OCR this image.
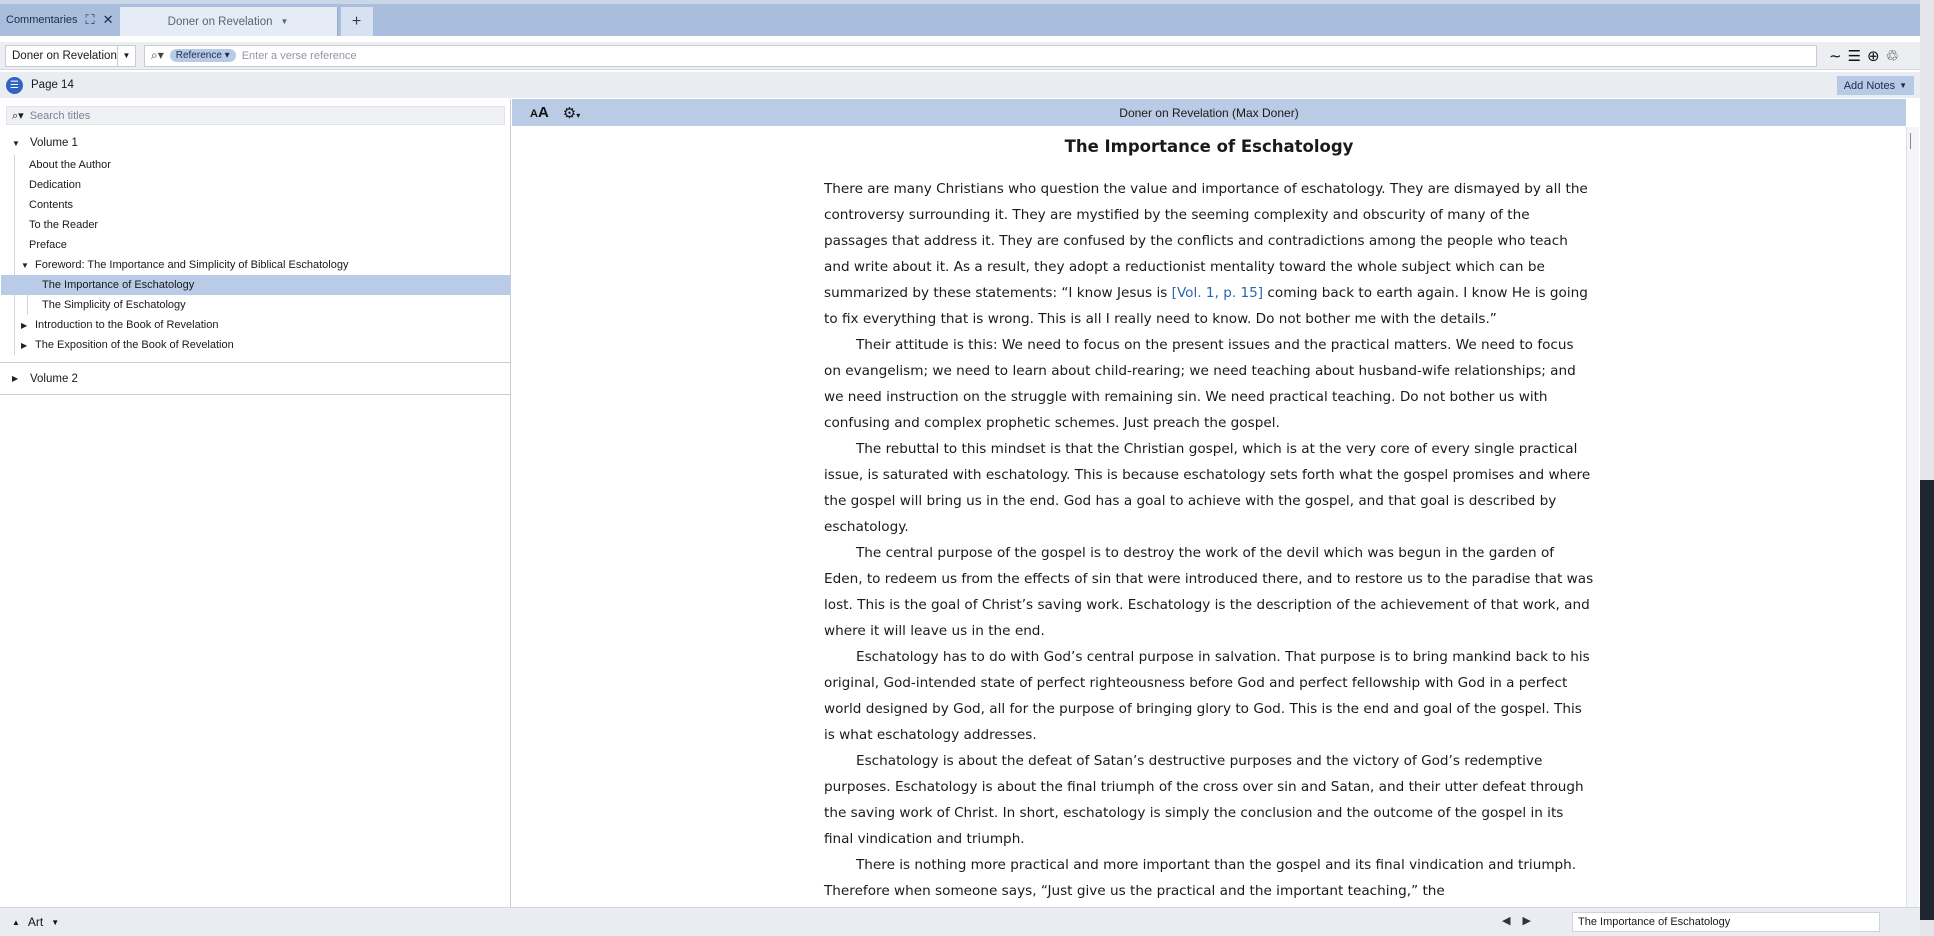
Commentaries ⛶ ✕	Doner on Revelation ▼	+
Doner on Revelation ▼	⌕▾	Reference ▾
Enter a verse reference	∼ ☰ ⊕ ♲
☰	Page 14	Add Notes ▼
⌕▾
Search titles
▼ Volume 1
About the Author
Dedication
Contents
To the Reader
Preface
▼ Foreword: The Importance and Simplicity of Biblical Eschatology
The Importance of Eschatology
The Simplicity of Eschatology
▶ Introduction to the Book of Revelation
▶ The Exposition of the Book of Revelation
▶ Volume 2
AA ⚙▾	Doner on Revelation (Max Doner)
The Importance of Eschatology

There are many Christians who question the value and importance of eschatology. They are dismayed by all the controversy surrounding it. They are mystified by the seeming complexity and obscurity of many of the passages that address it. They are confused by the conflicts and contradictions among the people who teach and write about it. As a result, they adopt a reductionist mentality toward the whole subject which can be summarized by these statements: “I know Jesus is [Vol. 1, p. 15] coming back to earth again. I know He is going to fix everything that is wrong. This is all I really need to know. Do not bother me with the details.”

Their attitude is this: We need to focus on the present issues and the practical matters. We need to focus on evangelism; we need to learn about child-rearing; we need teaching about husband-wife relationships; and we need instruction on the struggle with remaining sin. We need practical teaching. Do not bother us with confusing and complex prophetic schemes. Just preach the gospel.

The rebuttal to this mindset is that the Christian gospel, which is at the very core of every single practical issue, is saturated with eschatology. This is because eschatology sets forth what the gospel promises and where the gospel will bring us in the end. God has a goal to achieve with the gospel, and that goal is described by eschatology.

The central purpose of the gospel is to destroy the work of the devil which was begun in the garden of Eden, to redeem us from the effects of sin that were introduced there, and to restore us to the paradise that was lost. This is the goal of Christ’s saving work. Eschatology is the description of the achievement of that work, and where it will leave us in the end.

Eschatology has to do with God’s central purpose in salvation. That purpose is to bring mankind back to his original, God-intended state of perfect righteousness before God and perfect fellowship with God in a perfect world designed by God, all for the purpose of bringing glory to God. This is the end and goal of the gospel. This is what eschatology addresses.

Eschatology is about the defeat of Satan’s destructive purposes and the victory of God’s redemptive purposes. Eschatology is about the final triumph of the cross over sin and Satan, and their utter defeat through the saving work of Christ. In short, eschatology is simply the conclusion and the outcome of the gospel in its final vindication and triumph.

There is nothing more practical and more important than the gospel and its final vindication and triumph. Therefore when someone says, “Just give us the practical and the important teaching,” the

▲ Art ▼	◀ ▶	The Importance of Eschatology
